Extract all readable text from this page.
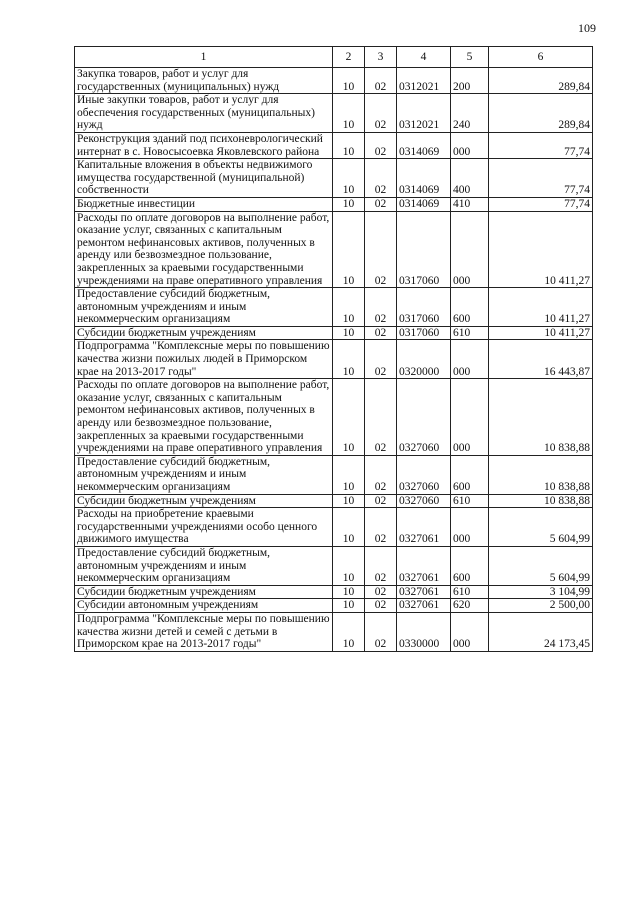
109
1	2	3	4	5	6
Закупка товаров, работ и услуг для государственных (муниципальных) нужд	10	02	0312021	200	289,84
Иные закупки товаров, работ и услуг для обеспечения государственных (муниципальных) нужд	10	02	0312021	240	289,84
Реконструкция зданий под психоневрологический интернат в с. Новосысоевка Яковлевского района	10	02	0314069	000	77,74
Капитальные вложения в объекты недвижимого имущества государственной (муниципальной) собственности	10	02	0314069	400	77,74
Бюджетные инвестиции	10	02	0314069	410	77,74
Расходы по оплате договоров на выполнение работ, оказание услуг, связанных с капитальным ремонтом нефинансовых активов, полученных в аренду или безвозмездное пользование, закрепленных за краевыми государственными учреждениями на праве оперативного управления	10	02	0317060	000	10 411,27
Предоставление субсидий бюджетным, автономным учреждениям и иным некоммерческим организациям	10	02	0317060	600	10 411,27
Субсидии бюджетным учреждениям	10	02	0317060	610	10 411,27
Подпрограмма "Комплексные меры по повышению качества жизни пожилых людей в Приморском крае на 2013-2017 годы"	10	02	0320000	000	16 443,87
Расходы по оплате договоров на выполнение работ, оказание услуг, связанных с капитальным ремонтом нефинансовых активов, полученных в аренду или безвозмездное пользование, закрепленных за краевыми государственными учреждениями на праве оперативного управления	10	02	0327060	000	10 838,88
Предоставление субсидий бюджетным, автономным учреждениям и иным некоммерческим организациям	10	02	0327060	600	10 838,88
Субсидии бюджетным учреждениям	10	02	0327060	610	10 838,88
Расходы на приобретение краевыми государственными учреждениями особо ценного движимого имущества	10	02	0327061	000	5 604,99
Предоставление субсидий бюджетным, автономным учреждениям и иным некоммерческим организациям	10	02	0327061	600	5 604,99
Субсидии бюджетным учреждениям	10	02	0327061	610	3 104,99
Субсидии автономным учреждениям	10	02	0327061	620	2 500,00
Подпрограмма "Комплексные меры по повышению качества жизни детей и семей с детьми в Приморском крае на 2013-2017 годы"	10	02	0330000	000	24 173,45
